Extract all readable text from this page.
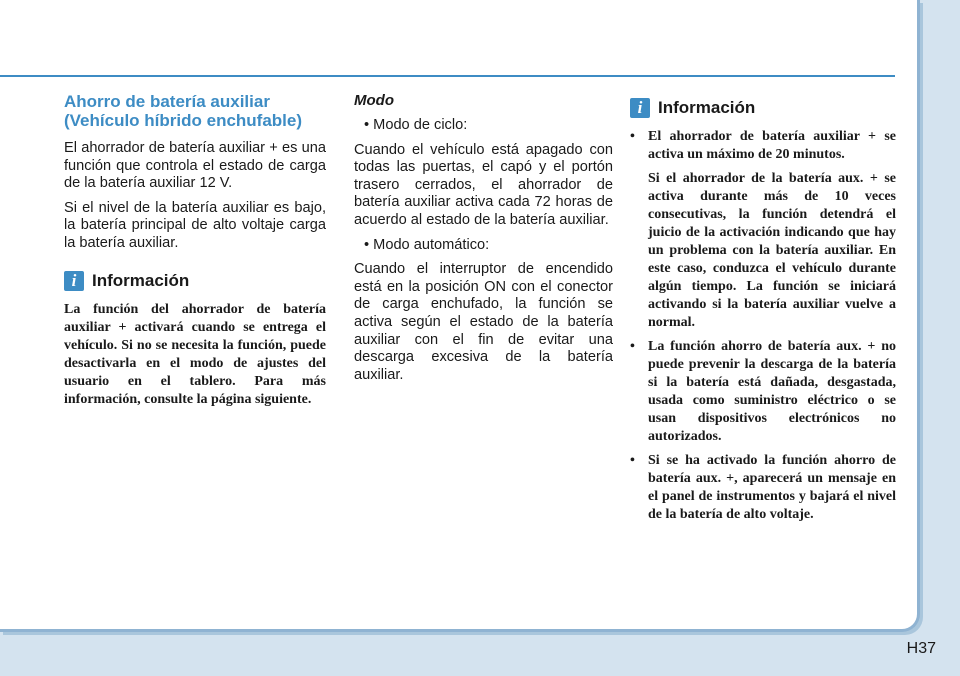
Ahorro de batería auxiliar
(Vehículo híbrido enchufable)

El ahorrador de batería auxiliar + es una función que controla el estado de carga de la batería auxiliar 12 V.

Si el nivel de la batería auxiliar es bajo, la batería principal de alto voltaje carga la batería auxiliar.

i Información

La función del ahorrador de batería auxiliar + activará cuando se entrega el vehículo. Si no se necesita la función, puede desactivarla en el modo de ajustes del usuario en el tablero. Para más información, consulte la página siguiente.

Modo
• Modo de ciclo:

Cuando el vehículo está apagado con todas las puertas, el capó y el portón trasero cerrados, el ahorrador de batería auxiliar activa cada 72 horas de acuerdo al estado de la batería auxiliar.

• Modo automático:

Cuando el interruptor de encendido está en la posición ON con el conector de carga enchufado, la función se activa según el estado de la batería auxiliar con el fin de evitar una descarga excesiva de la batería auxiliar.

i Información
• El ahorrador de batería auxiliar + se activa un máximo de 20 minutos.

Si el ahorrador de la batería aux. + se activa durante más de 10 veces consecutivas, la función detendrá el juicio de la activación indicando que hay un problema con la batería auxiliar. En este caso, conduzca el vehículo durante algún tiempo. La función se iniciará activando si la batería auxiliar vuelve a normal.

• La función ahorro de batería aux. + no puede prevenir la descarga de la batería si la batería está dañada, desgastada, usada como suministro eléctrico o se usan dispositivos electrónicos no autorizados.

• Si se ha activado la función ahorro de batería aux. +, aparecerá un mensaje en el panel de instrumentos y bajará el nivel de la batería de alto voltaje.

H37
